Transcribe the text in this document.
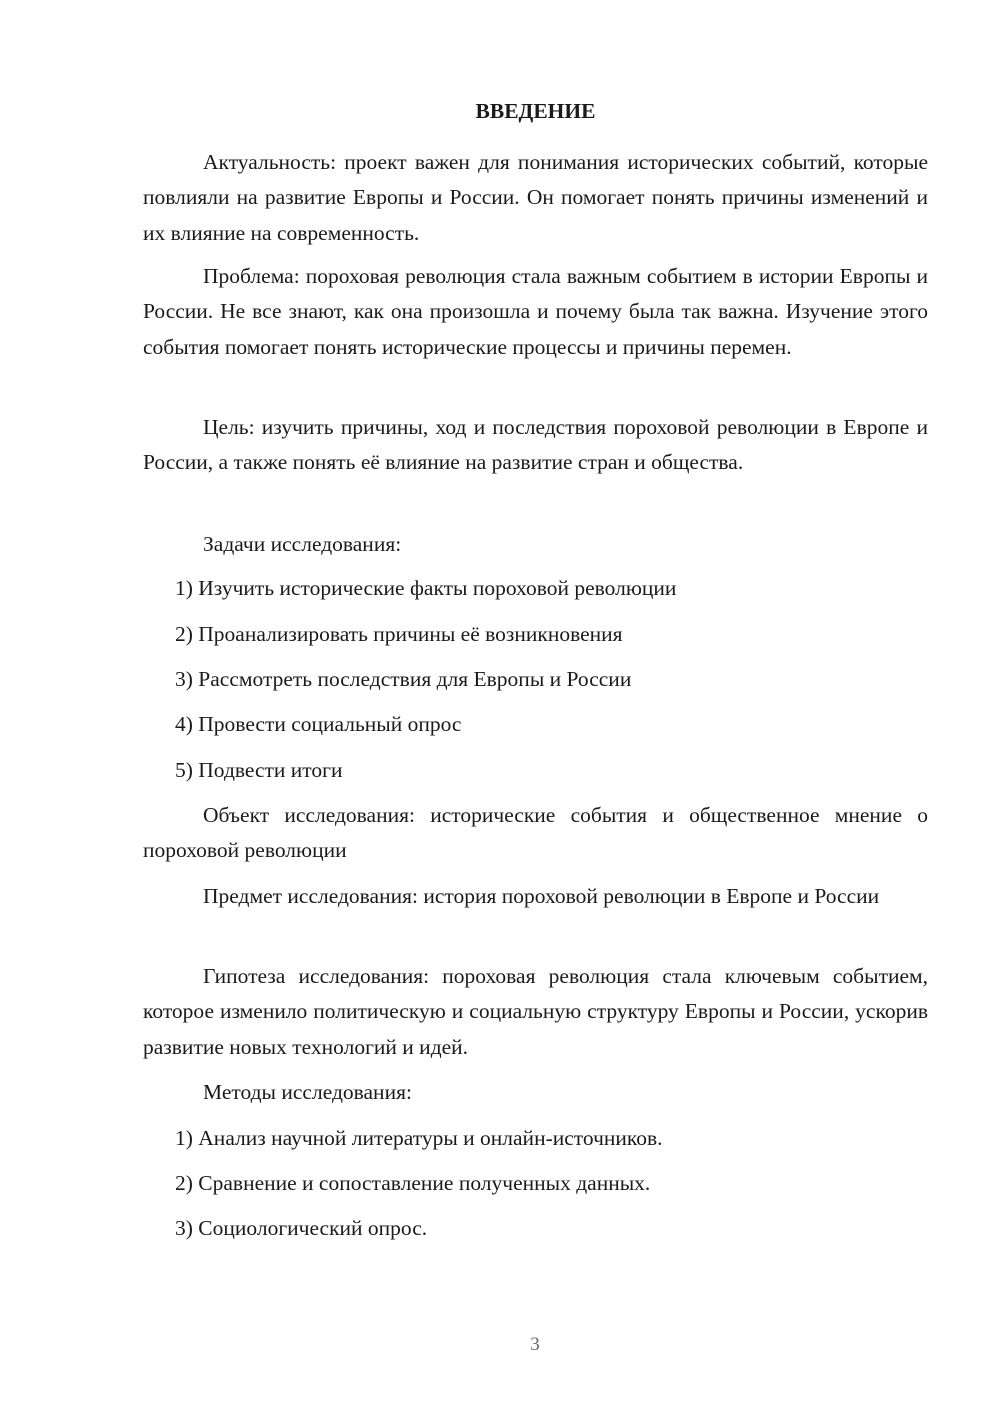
ВВЕДЕНИЕ

Актуальность: проект важен для понимания исторических событий, которые повлияли на развитие Европы и России. Он помогает понять причины изменений и их влияние на современность.

Проблема: пороховая революция стала важным событием в истории Европы и России. Не все знают, как она произошла и почему была так важна. Изучение этого события помогает понять исторические процессы и причины перемен.

Цель: изучить причины, ход и последствия пороховой революции в Европе и России, а также понять её влияние на развитие стран и общества.

Задачи исследования:

1) Изучить исторические факты пороховой революции

2) Проанализировать причины её возникновения

3) Рассмотреть последствия для Европы и России

4) Провести социальный опрос

5) Подвести итоги

Объект исследования: исторические события и общественное мнение о пороховой революции

Предмет исследования: история пороховой революции в Европе и России

Гипотеза исследования: пороховая революция стала ключевым событием, которое изменило политическую и социальную структуру Европы и России, ускорив развитие новых технологий и идей.

Методы исследования:

1) Анализ научной литературы и онлайн-источников.

2) Сравнение и сопоставление полученных данных.

3) Социологический опрос.

3
